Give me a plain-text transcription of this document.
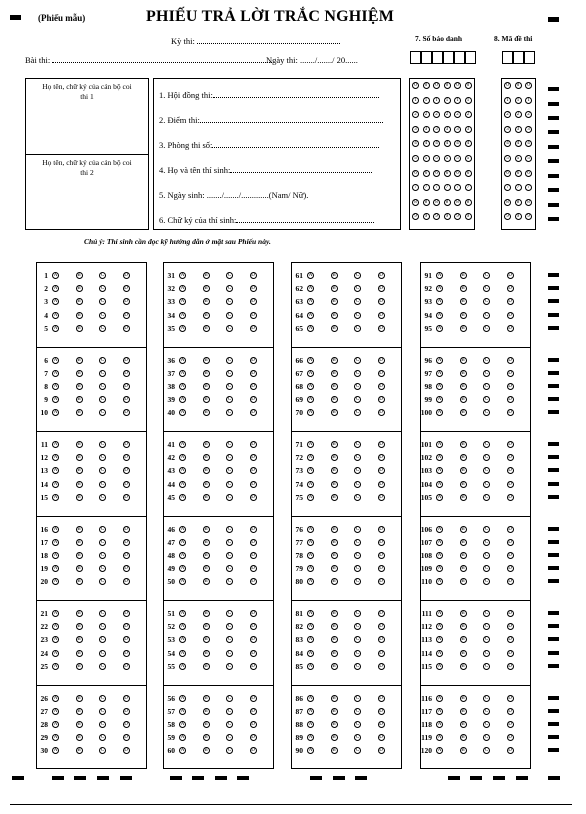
(Phiếu mẫu)	PHIẾU TRẢ LỜI TRẮC NGHIỆM
Kỳ thi:
Bài thi:	Ngày thi: ......./......./ 20......
7. Số báo danh	8. Mã đề thi
Họ tên, chữ ký của cán bộ coi thi 1
Họ tên, chữ ký của cán bộ coi thi 2
1. Hội đồng thi:
2. Điểm thi:
3. Phòng thi số:
4. Họ và tên thí sinh:
5. Ngày sinh: ......./......./.............(Nam/ Nữ).
6. Chữ ký của thí sinh:
0	0	0	0	0	0
1	1	1	1	1	1
2	2	2	2	2	2
3	3	3	3	3	3
4	4	4	4	4	4
5	5	5	5	5	5
6	6	6	6	6	6
7	7	7	7	7	7
8	8	8	8	8	8
9	9	9	9	9	9
0	0	0
1	1	1
2	2	2
3	3	3
4	4	4
5	5	5
6	6	6
7	7	7
8	8	8
9	9	9
Chú ý: Thí sinh cần đọc kỹ hướng dẫn ở mặt sau Phiếu này.
1	A	B	C	D
2	A	B	C	D
3	A	B	C	D
4	A	B	C	D
5	A	B	C	D
6	A	B	C	D
7	A	B	C	D
8	A	B	C	D
9	A	B	C	D
10	A	B	C	D
11	A	B	C	D
12	A	B	C	D
13	A	B	C	D
14	A	B	C	D
15	A	B	C	D
16	A	B	C	D
17	A	B	C	D
18	A	B	C	D
19	A	B	C	D
20	A	B	C	D
21	A	B	C	D
22	A	B	C	D
23	A	B	C	D
24	A	B	C	D
25	A	B	C	D
26	A	B	C	D
27	A	B	C	D
28	A	B	C	D
29	A	B	C	D
30	A	B	C	D
31	A	B	C	D
32	A	B	C	D
33	A	B	C	D
34	A	B	C	D
35	A	B	C	D
36	A	B	C	D
37	A	B	C	D
38	A	B	C	D
39	A	B	C	D
40	A	B	C	D
41	A	B	C	D
42	A	B	C	D
43	A	B	C	D
44	A	B	C	D
45	A	B	C	D
46	A	B	C	D
47	A	B	C	D
48	A	B	C	D
49	A	B	C	D
50	A	B	C	D
51	A	B	C	D
52	A	B	C	D
53	A	B	C	D
54	A	B	C	D
55	A	B	C	D
56	A	B	C	D
57	A	B	C	D
58	A	B	C	D
59	A	B	C	D
60	A	B	C	D
61	A	B	C	D
62	A	B	C	D
63	A	B	C	D
64	A	B	C	D
65	A	B	C	D
66	A	B	C	D
67	A	B	C	D
68	A	B	C	D
69	A	B	C	D
70	A	B	C	D
71	A	B	C	D
72	A	B	C	D
73	A	B	C	D
74	A	B	C	D
75	A	B	C	D
76	A	B	C	D
77	A	B	C	D
78	A	B	C	D
79	A	B	C	D
80	A	B	C	D
81	A	B	C	D
82	A	B	C	D
83	A	B	C	D
84	A	B	C	D
85	A	B	C	D
86	A	B	C	D
87	A	B	C	D
88	A	B	C	D
89	A	B	C	D
90	A	B	C	D
91	A	B	C	D
92	A	B	C	D
93	A	B	C	D
94	A	B	C	D
95	A	B	C	D
96	A	B	C	D
97	A	B	C	D
98	A	B	C	D
99	A	B	C	D
100	A	B	C	D
101	A	B	C	D
102	A	B	C	D
103	A	B	C	D
104	A	B	C	D
105	A	B	C	D
106	A	B	C	D
107	A	B	C	D
108	A	B	C	D
109	A	B	C	D
110	A	B	C	D
111	A	B	C	D
112	A	B	C	D
113	A	B	C	D
114	A	B	C	D
115	A	B	C	D
116	A	B	C	D
117	A	B	C	D
118	A	B	C	D
119	A	B	C	D
120	A	B	C	D
